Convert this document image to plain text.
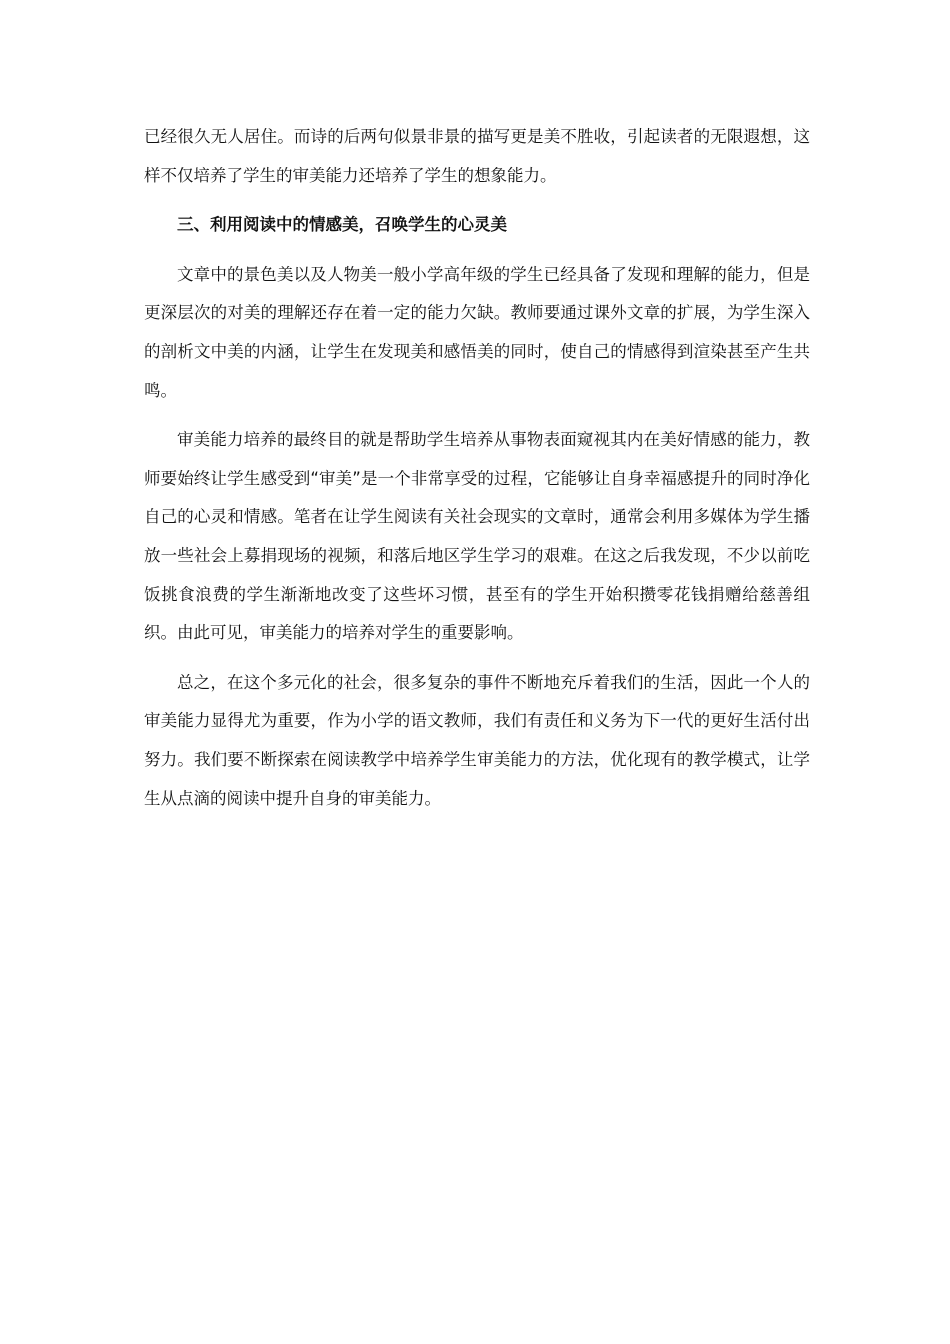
已经很久无人居住。而诗的后两句似景非景的描写更是美不胜收，引起读者的无限遐想，这样不仅培养了学生的审美能力还培养了学生的想象能力。

三、利用阅读中的情感美，召唤学生的心灵美

文章中的景色美以及人物美一般小学高年级的学生已经具备了发现和理解的能力，但是更深层次的对美的理解还存在着一定的能力欠缺。教师要通过课外文章的扩展，为学生深入的剖析文中美的内涵，让学生在发现美和感悟美的同时，使自己的情感得到渲染甚至产生共鸣。

审美能力培养的最终目的就是帮助学生培养从事物表面窥视其内在美好情感的能力，教师要始终让学生感受到“审美”是一个非常享受的过程，它能够让自身幸福感提升的同时净化自己的心灵和情感。笔者在让学生阅读有关社会现实的文章时，通常会利用多媒体为学生播放一些社会上募捐现场的视频，和落后地区学生学习的艰难。在这之后我发现，不少以前吃饭挑食浪费的学生渐渐地改变了这些坏习惯，甚至有的学生开始积攒零花钱捐赠给慈善组织。由此可见，审美能力的培养对学生的重要影响。

总之，在这个多元化的社会，很多复杂的事件不断地充斥着我们的生活，因此一个人的审美能力显得尤为重要，作为小学的语文教师，我们有责任和义务为下一代的更好生活付出努力。我们要不断探索在阅读教学中培养学生审美能力的方法，优化现有的教学模式，让学生从点滴的阅读中提升自身的审美能力。
